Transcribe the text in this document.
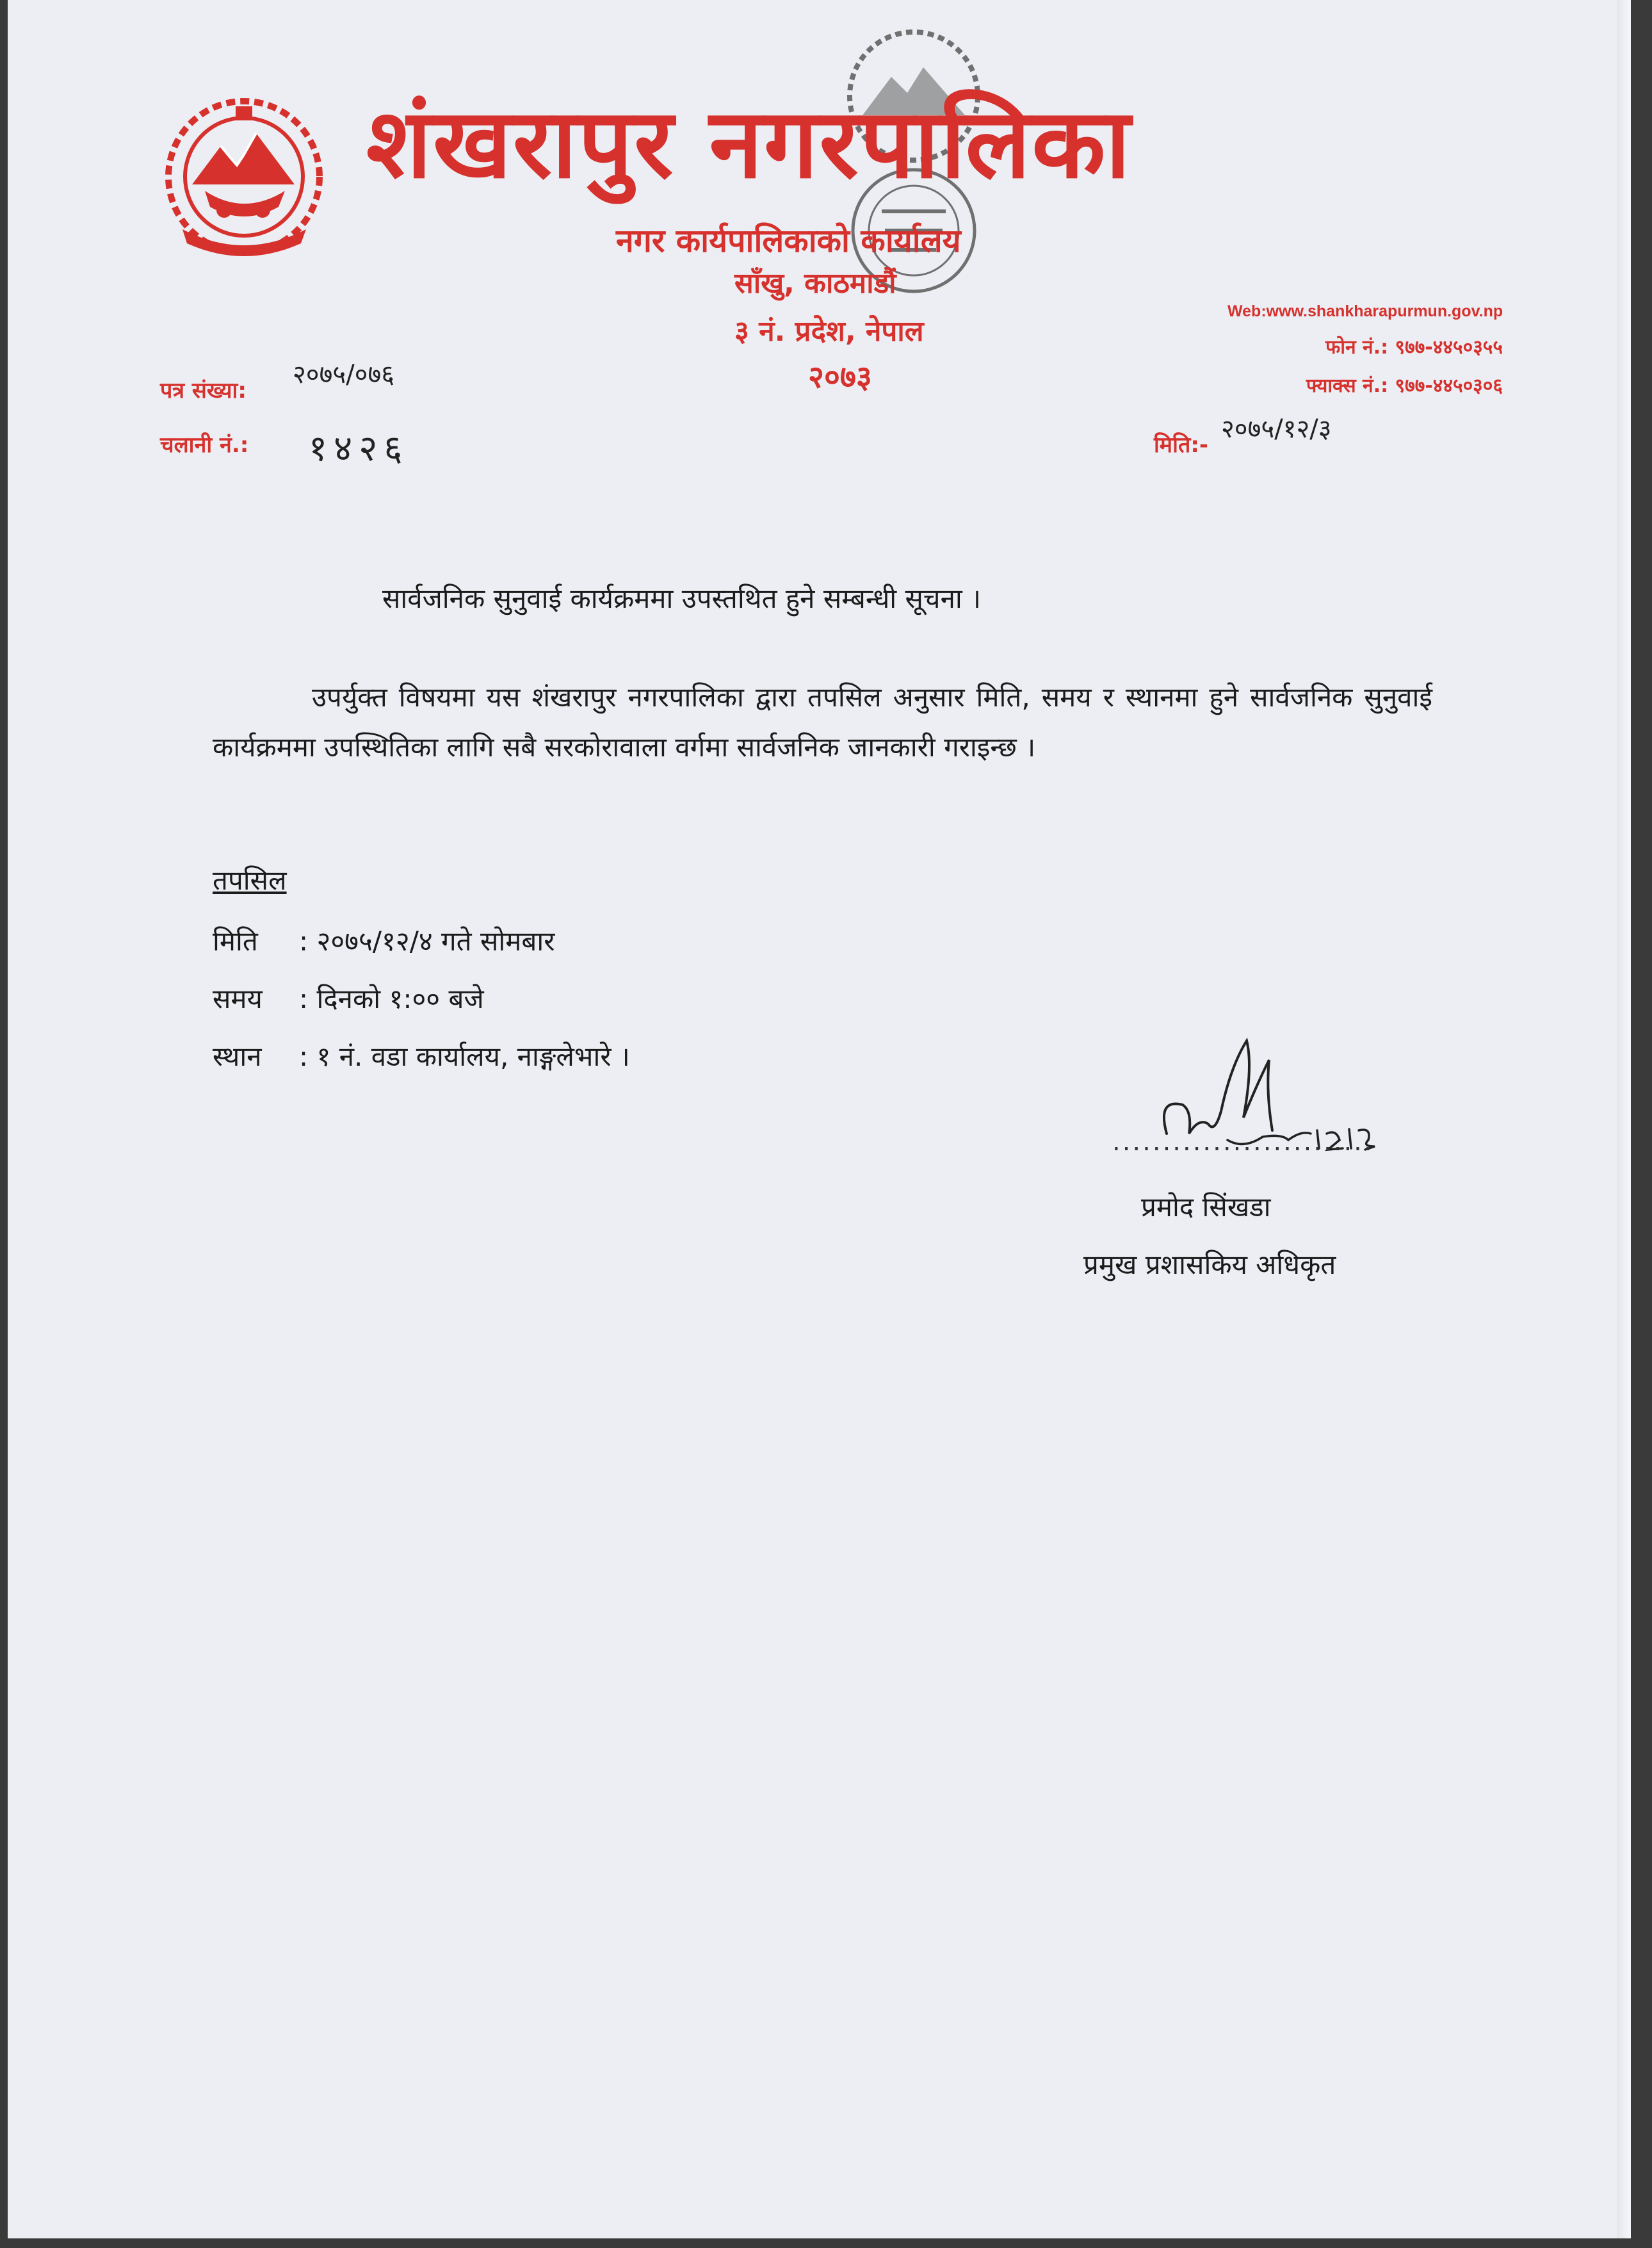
शंखरापुर नगरपालिका
नगर कार्यपालिकाको कार्यालय
साँखु, काठमाडौं
३ नं. प्रदेश, नेपाल
२०७३
Web:www.shankharapurmun.gov.np
फोन नं.: ९७७-४४५०३५५
फ्याक्स नं.: ९७७-४४५०३०६
२०७५/०७६
पत्र संख्या:
चलानी नं.: १४२६	मिति:-
२०७५/१२/३
सार्वजनिक सुनुवाई कार्यक्रममा उपस्तथित हुने सम्बन्धी सूचना ।
उपर्युक्त विषयमा यस शंखरापुर नगरपालिका द्वारा तपसिल अनुसार मिति, समय र स्थानमा हुने सार्वजनिक सुनुवाई कार्यक्रममा उपस्थितिका लागि सबै सरकोरावाला वर्गमा सार्वजनिक जानकारी गराइन्छ ।
तपसिल
मिति : २०७५/१२/४ गते सोमबार
समय : दिनको १:०० बजे
स्थान : १ नं. वडा कार्यालय, नाङ्गलेभारे ।
..........................
प्रमोद सिंखडा
प्रमुख प्रशासकिय अधिकृत
